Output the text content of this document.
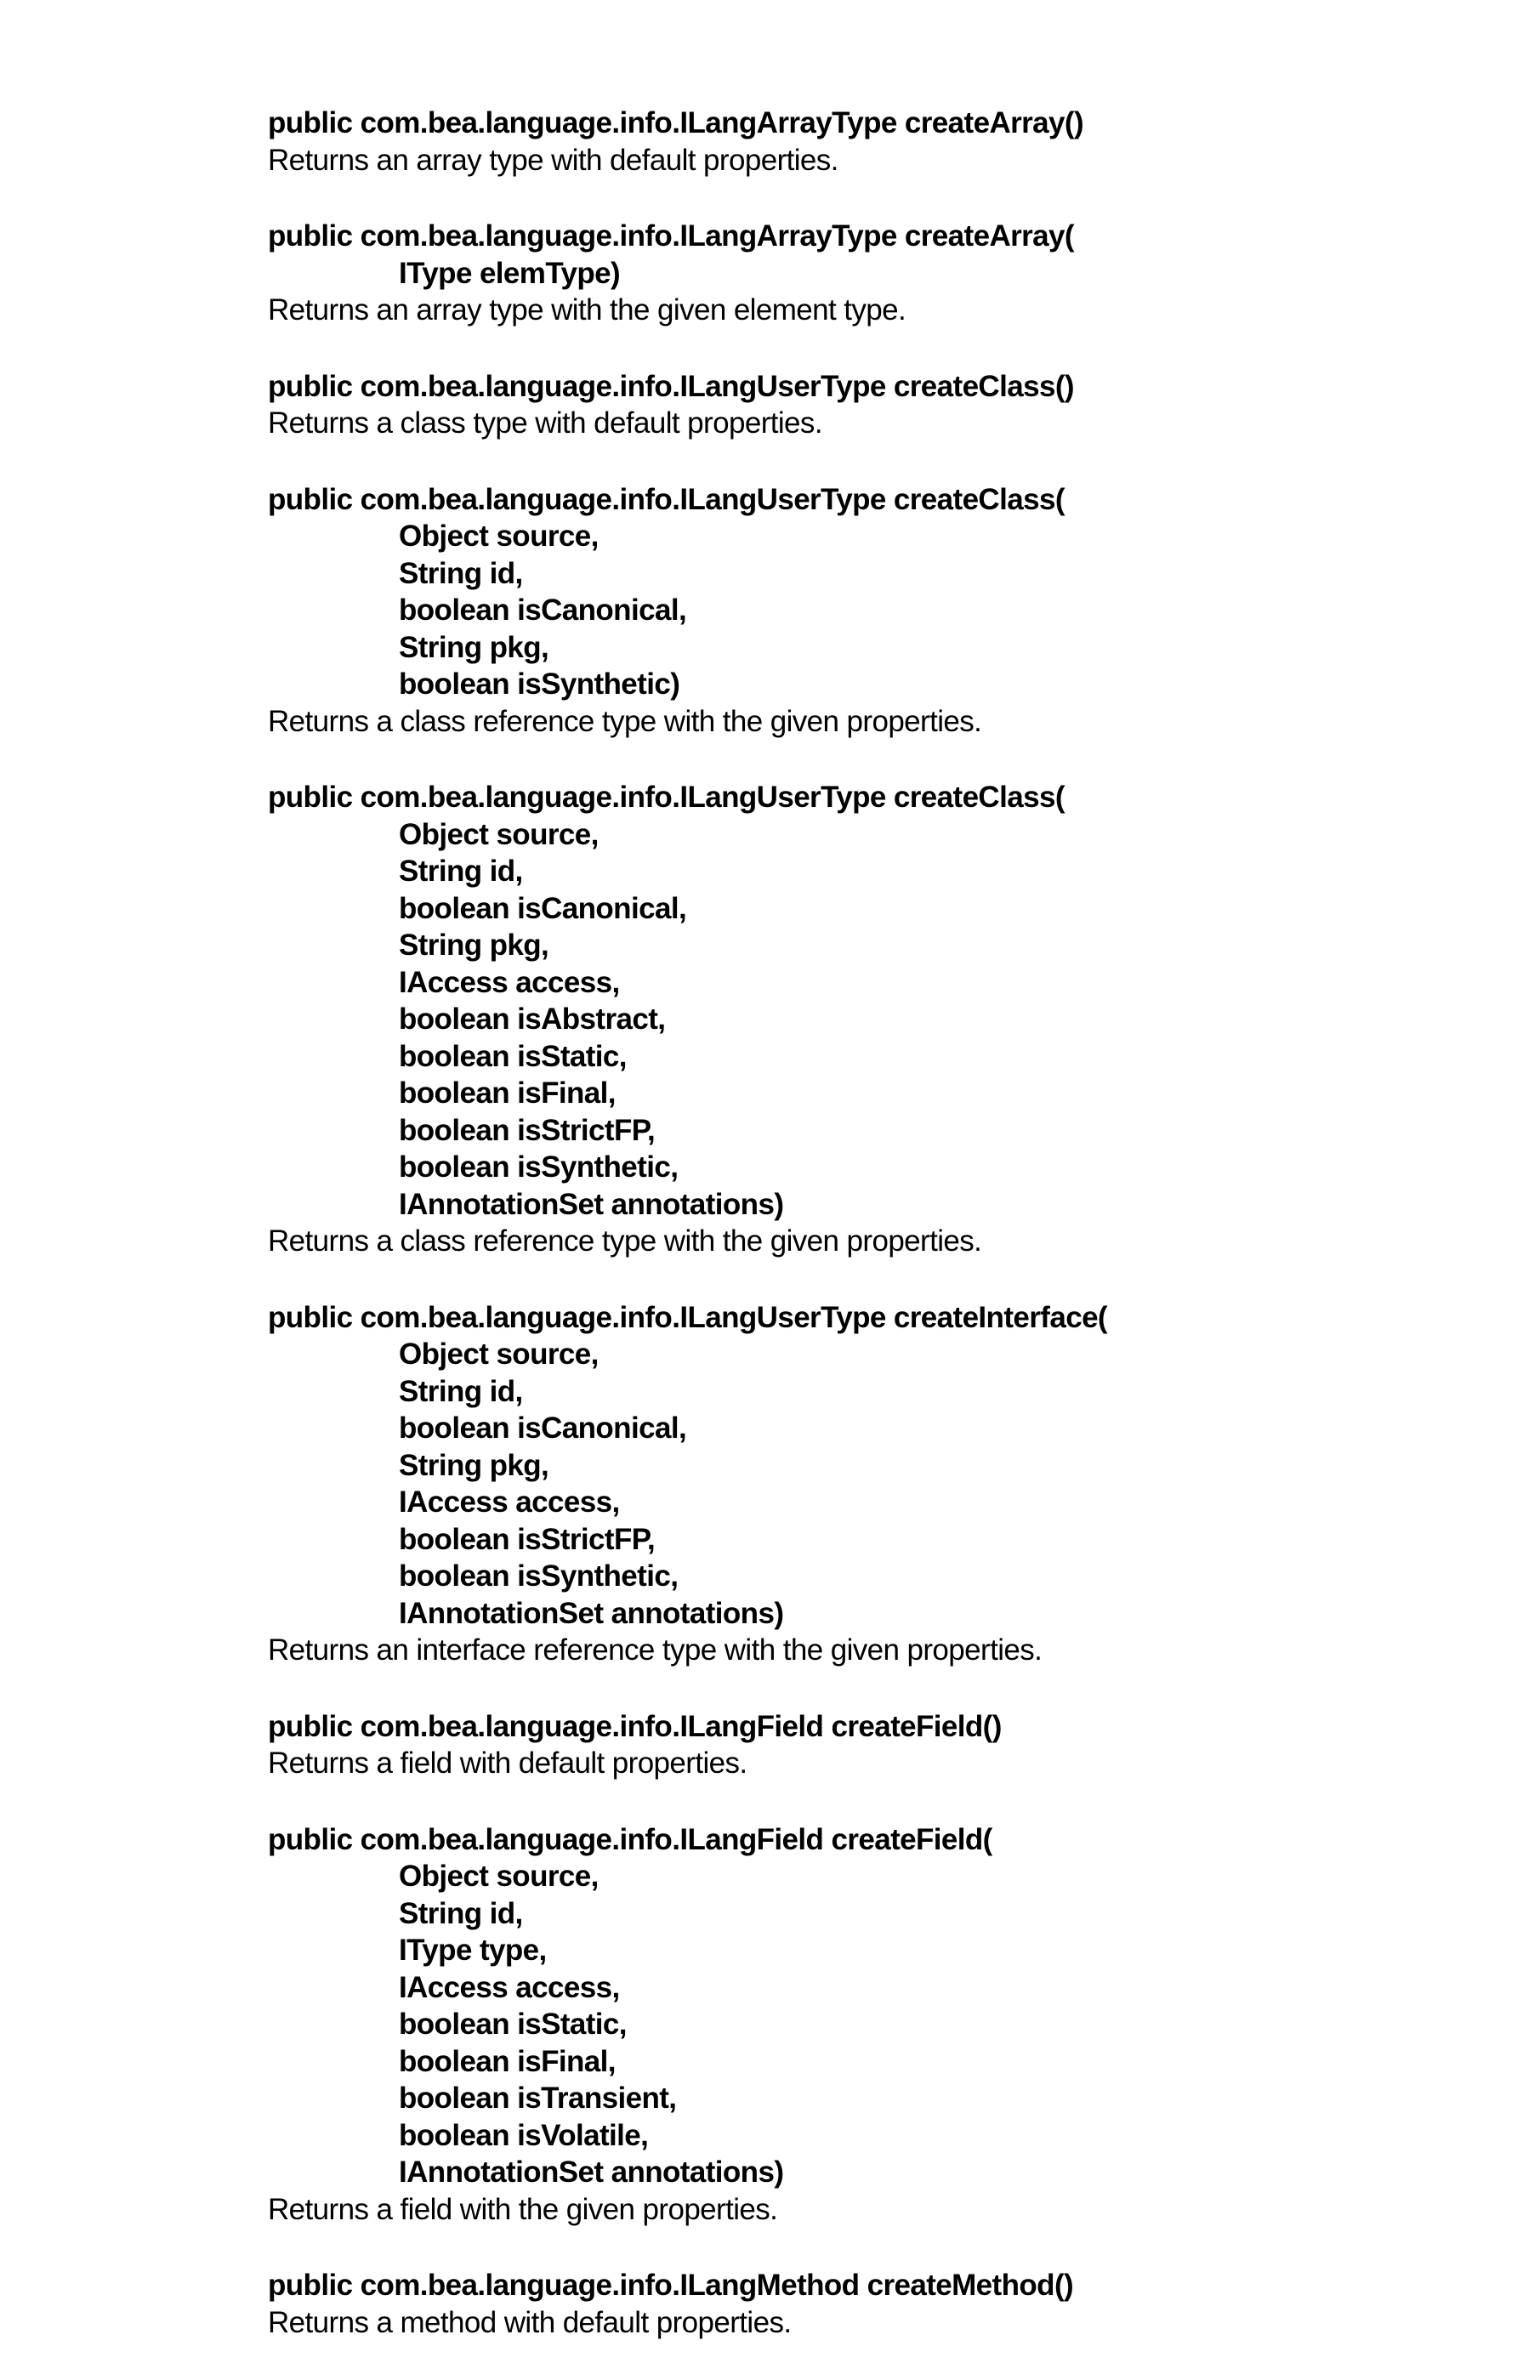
public com.bea.language.info.ILangArrayType createArray()
Returns an array type with default properties.
public com.bea.language.info.ILangArrayType createArray(
IType elemType)
Returns an array type with the given element type.
public com.bea.language.info.ILangUserType createClass()
Returns a class type with default properties.
public com.bea.language.info.ILangUserType createClass(
Object source,
String id,
boolean isCanonical,
String pkg,
boolean isSynthetic)
Returns a class reference type with the given properties.
public com.bea.language.info.ILangUserType createClass(
Object source,
String id,
boolean isCanonical,
String pkg,
IAccess access,
boolean isAbstract,
boolean isStatic,
boolean isFinal,
boolean isStrictFP,
boolean isSynthetic,
IAnnotationSet annotations)
Returns a class reference type with the given properties.
public com.bea.language.info.ILangUserType createInterface(
Object source,
String id,
boolean isCanonical,
String pkg,
IAccess access,
boolean isStrictFP,
boolean isSynthetic,
IAnnotationSet annotations)
Returns an interface reference type with the given properties.
public com.bea.language.info.ILangField createField()
Returns a field with default properties.
public com.bea.language.info.ILangField createField(
Object source,
String id,
IType type,
IAccess access,
boolean isStatic,
boolean isFinal,
boolean isTransient,
boolean isVolatile,
IAnnotationSet annotations)
Returns a field with the given properties.
public com.bea.language.info.ILangMethod createMethod()
Returns a method with default properties.
